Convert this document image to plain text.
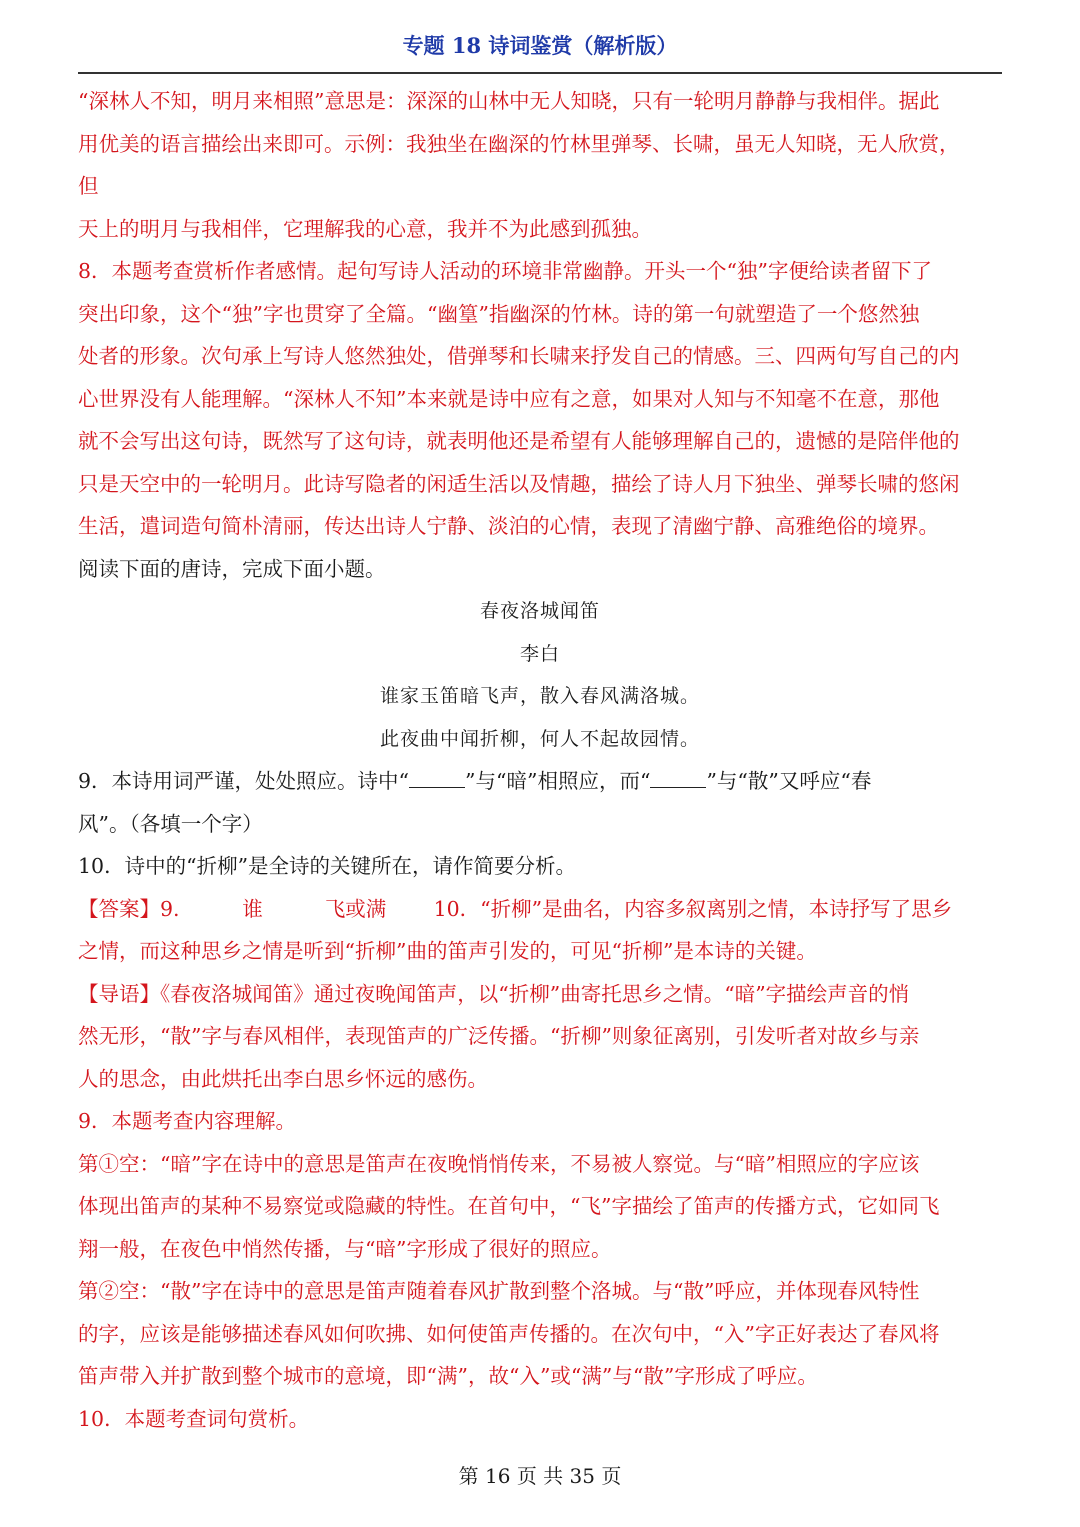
专题 18 诗词鉴赏（解析版）

“深林人不知，明月来相照”意思是：深深的山林中无人知晓，只有一轮明月静静与我相伴。据此

用优美的语言描绘出来即可。示例：我独坐在幽深的竹林里弹琴、长啸，虽无人知晓，无人欣赏，

但

天上的明月与我相伴，它理解我的心意，我并不为此感到孤独。

8．本题考查赏析作者感情。起句写诗人活动的环境非常幽静。开头一个“独”字便给读者留下了

突出印象，这个“独”字也贯穿了全篇。“幽篁”指幽深的竹林。诗的第一句就塑造了一个悠然独

处者的形象。次句承上写诗人悠然独处，借弹琴和长啸来抒发自己的情感。三、四两句写自己的内

心世界没有人能理解。“深林人不知”本来就是诗中应有之意，如果对人知与不知毫不在意，那他

就不会写出这句诗，既然写了这句诗，就表明他还是希望有人能够理解自己的，遗憾的是陪伴他的

只是天空中的一轮明月。此诗写隐者的闲适生活以及情趣，描绘了诗人月下独坐、弹琴长啸的悠闲

生活，遣词造句简朴清丽，传达出诗人宁静、淡泊的心情，表现了清幽宁静、高雅绝俗的境界。

阅读下面的唐诗，完成下面小题。

春夜洛城闻笛

李白

谁家玉笛暗飞声，散入春风满洛城。

此夜曲中闻折柳，何人不起故园情。

9．本诗用词严谨，处处照应。诗中“	”与“暗”相照应，而“	”与“散”又呼应“春

风”。（各填一个字）

10．诗中的“折柳”是全诗的关键所在，请作简要分析。

【答案】9.	谁	飞或满 10．“折柳”是曲名，内容多叙离别之情，本诗抒写了思乡

之情，而这种思乡之情是听到“折柳”曲的笛声引发的，可见“折柳”是本诗的关键。

【导语】《春夜洛城闻笛》通过夜晚闻笛声，以“折柳”曲寄托思乡之情。“暗”字描绘声音的悄

然无形，“散”字与春风相伴，表现笛声的广泛传播。“折柳”则象征离别，引发听者对故乡与亲

人的思念，由此烘托出李白思乡怀远的感伤。

9．本题考查内容理解。

第①空：“暗”字在诗中的意思是笛声在夜晚悄悄传来，不易被人察觉。与“暗”相照应的字应该

体现出笛声的某种不易察觉或隐藏的特性。在首句中，“飞”字描绘了笛声的传播方式，它如同飞

翔一般，在夜色中悄然传播，与“暗”字形成了很好的照应。

第②空：“散”字在诗中的意思是笛声随着春风扩散到整个洛城。与“散”呼应，并体现春风特性

的字，应该是能够描述春风如何吹拂、如何使笛声传播的。在次句中，“入”字正好表达了春风将

笛声带入并扩散到整个城市的意境，即“满”，故“入”或“满”与“散”字形成了呼应。

10．本题考查词句赏析。

第 16 页 共 35 页
